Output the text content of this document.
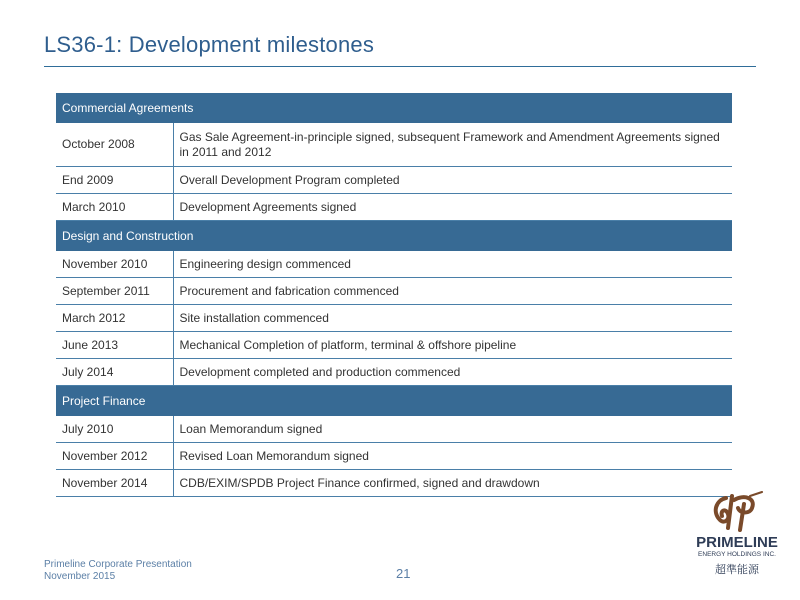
LS36-1: Development milestones
Commercial Agreements	
October 2008	Gas Sale Agreement-in-principle signed, subsequent Framework and Amendment Agreements signed in 2011 and 2012
End 2009	Overall Development Program completed
March 2010	Development Agreements signed
Design and Construction	
November 2010	Engineering design commenced
September 2011	Procurement and fabrication commenced
March 2012	Site installation commenced
June 2013	Mechanical Completion of platform, terminal & offshore pipeline
July 2014	Development completed and production commenced
Project Finance	
July 2010	Loan Memorandum signed
November 2012	Revised Loan Memorandum signed
November 2014	CDB/EXIM/SPDB Project Finance confirmed, signed and drawdown
Primeline Corporate Presentation
November 2015	21
PRIMELINE
ENERGY HOLDINGS INC.
超準能源
